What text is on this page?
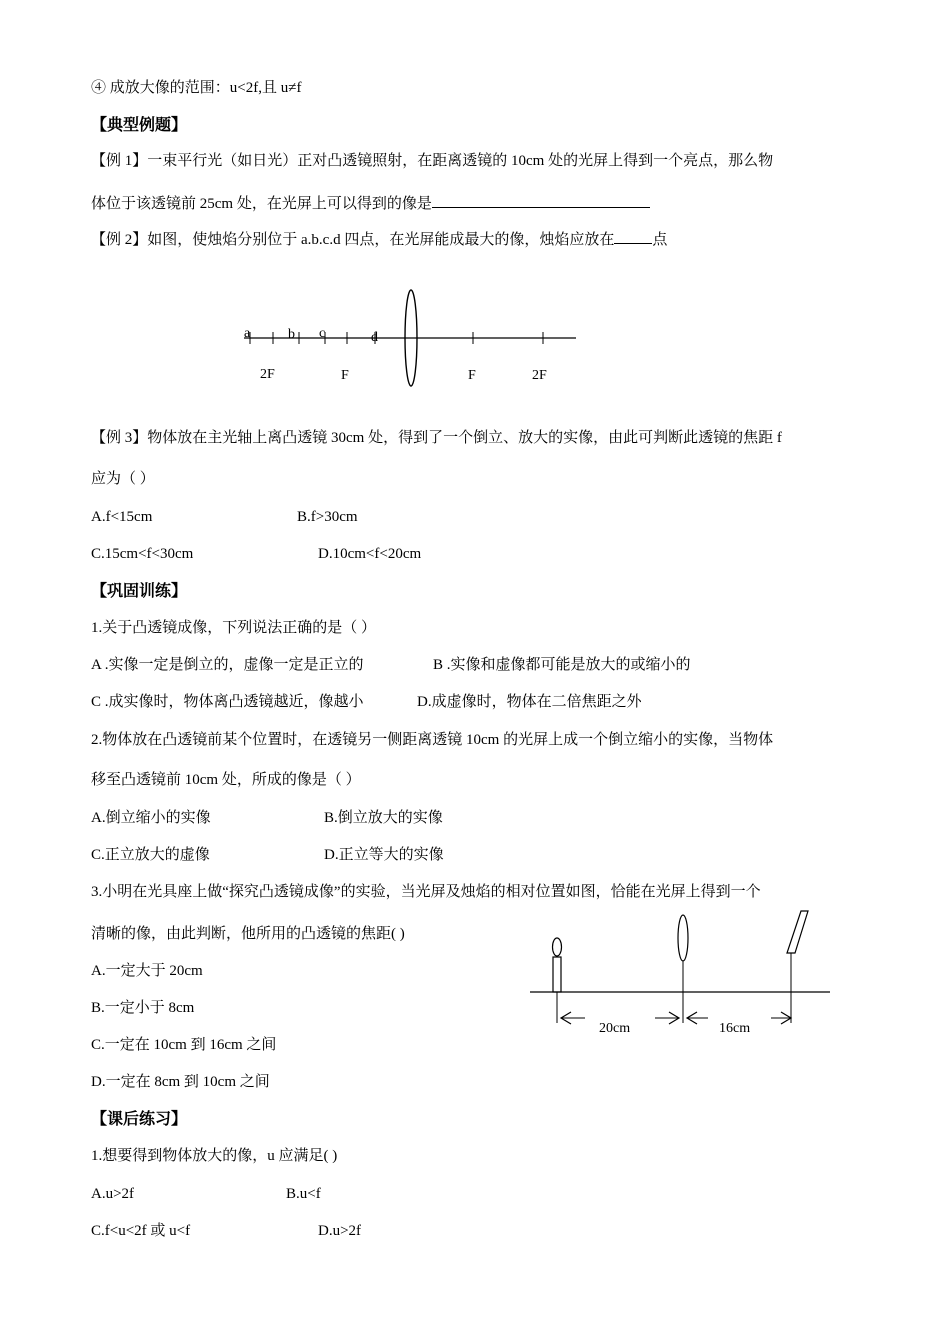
④ 成放大像的范围：u<2f,且 u≠f
【典型例题】
【例 1】一束平行光（如日光）正对凸透镜照射，在距离透镜的 10cm 处的光屏上得到一个亮点，那么物
体位于该透镜前 25cm 处，在光屏上可以得到的像是
【例 2】如图，使烛焰分别位于 a.b.c.d 四点，在光屏能成最大的像，烛焰应放在	点
a	b c	d
2F	F	F	2F
【例 3】物体放在主光轴上离凸透镜 30cm 处，得到了一个倒立、放大的实像，由此可判断此透镜的焦距 f
应为（ ）
A.f<15cm	B.f>30cm
C.15cm<f<30cm	D.10cm<f<20cm
【巩固训练】
1.关于凸透镜成像，下列说法正确的是（ ）
A .实像一定是倒立的，虚像一定是正立的	B .实像和虚像都可能是放大的或缩小的
C .成实像时，物体离凸透镜越近，像越小	D.成虚像时，物体在二倍焦距之外
2.物体放在凸透镜前某个位置时，在透镜另一侧距离透镜 10cm 的光屏上成一个倒立缩小的实像，当物体
移至凸透镜前 10cm 处，所成的像是（ ）
A.倒立缩小的实像	B.倒立放大的实像
C.正立放大的虚像	D.正立等大的实像
3.小明在光具座上做“探究凸透镜成像”的实验，当光屏及烛焰的相对位置如图，恰能在光屏上得到一个
清晰的像，由此判断，他所用的凸透镜的焦距( )
A.一定大于 20cm
B.一定小于 8cm
C.一定在 10cm 到 16cm 之间
D.一定在 8cm 到 10cm 之间
20cm	16cm
【课后练习】
1.想要得到物体放大的像，u 应满足( )
A.u>2f	B.u<f
C.f<u<2f 或 u<f	D.u>2f
